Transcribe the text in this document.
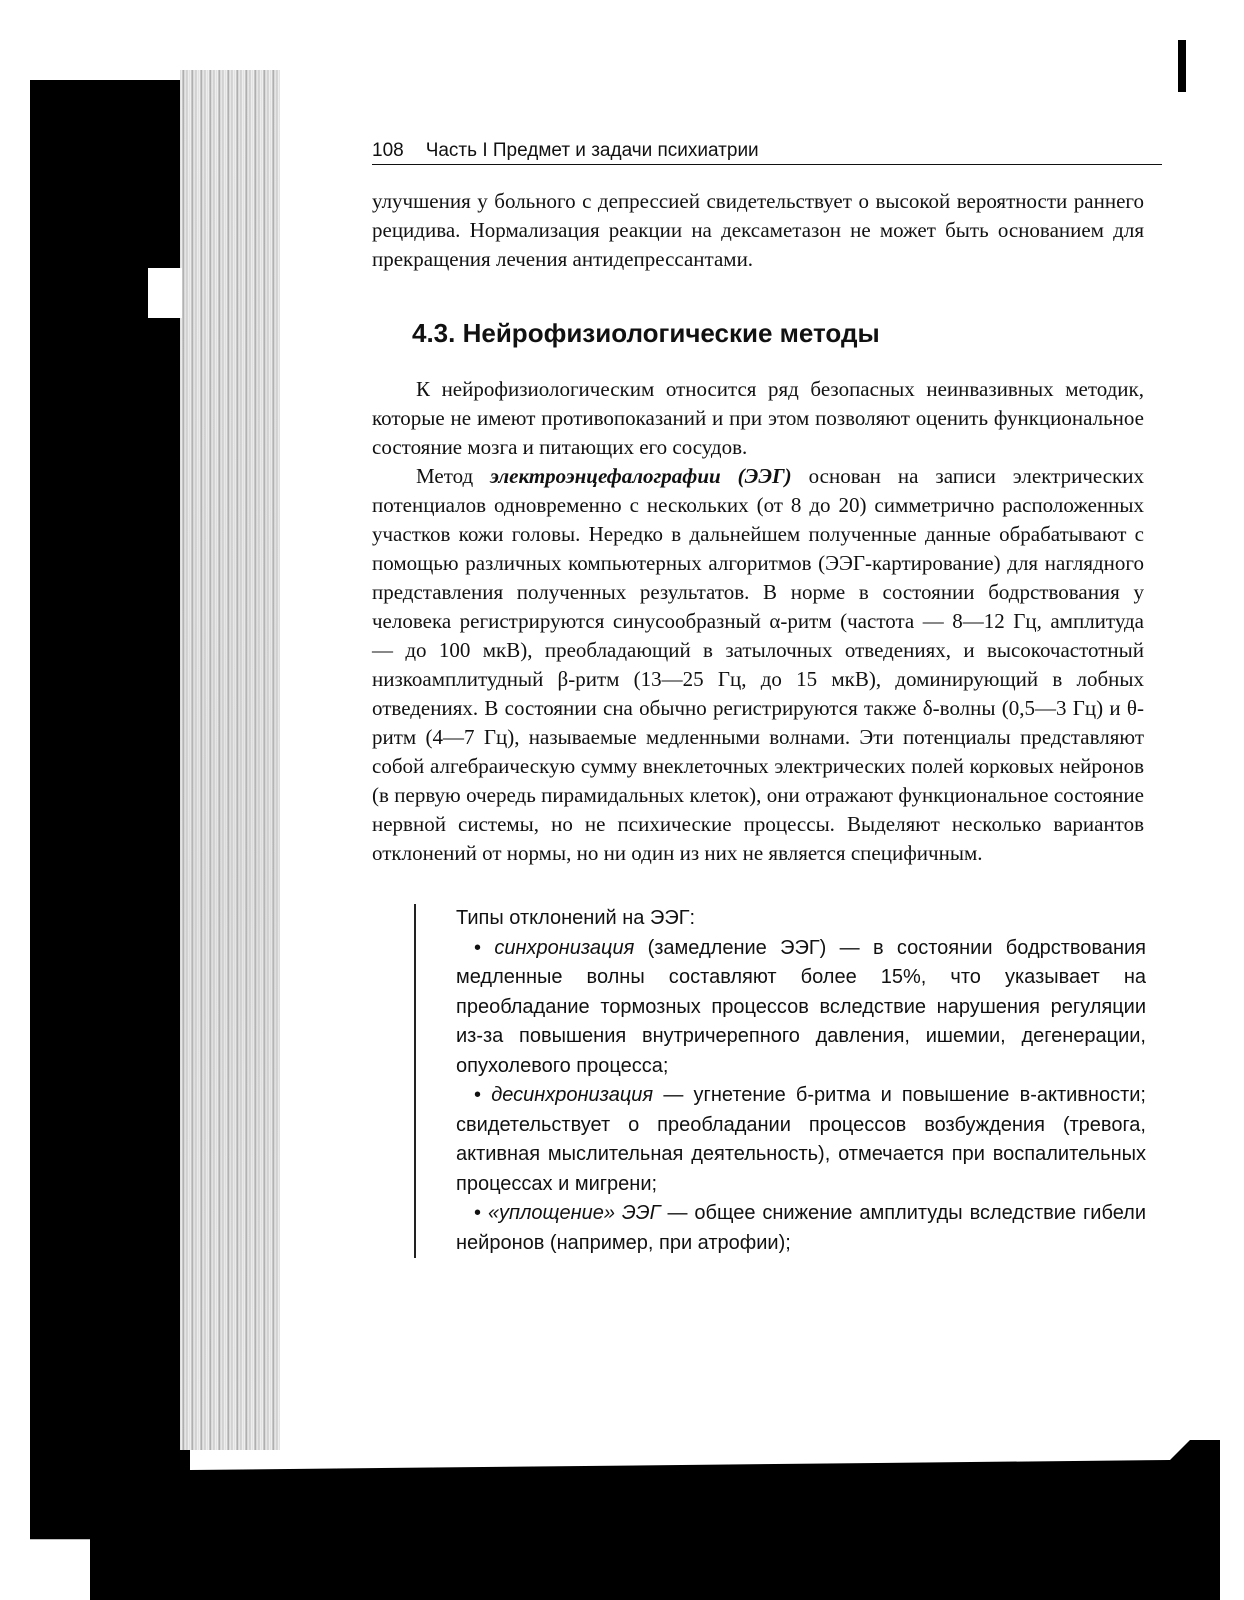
108 Часть I Предмет и задачи психиатрии

улучшения у больного с депрессией свидетельствует о высокой вероятности раннего рецидива. Нормализация реакции на дексаметазон не может быть основанием для прекращения лечения антидепрессантами.

4.3. Нейрофизиологические методы

К нейрофизиологическим относится ряд безопасных неинвазивных методик, которые не имеют противопоказаний и при этом позволяют оценить функциональное состояние мозга и питающих его сосудов.

Метод электроэнцефалографии (ЭЭГ) основан на записи электрических потенциалов одновременно с нескольких (от 8 до 20) симметрично расположенных участков кожи головы. Нередко в дальнейшем полученные данные обрабатывают с помощью различных компьютерных алгоритмов (ЭЭГ-картирование) для наглядного представления полученных результатов. В норме в состоянии бодрствования у человека регистрируются синусообразный α-ритм (частота — 8—12 Гц, амплитуда — до 100 мкВ), преобладающий в затылочных отведениях, и высокочастотный низкоамплитудный β-ритм (13—25 Гц, до 15 мкВ), доминирующий в лобных отведениях. В состоянии сна обычно регистрируются также δ-волны (0,5—3 Гц) и θ-ритм (4—7 Гц), называемые медленными волнами. Эти потенциалы представляют собой алгебраическую сумму внеклеточных электрических полей корковых нейронов (в первую очередь пирамидальных клеток), они отражают функциональное состояние нервной системы, но не психические процессы. Выделяют несколько вариантов отклонений от нормы, но ни один из них не является специфичным.

Типы отклонений на ЭЭГ:

• синхронизация (замедление ЭЭГ) — в состоянии бодрствования медленные волны составляют более 15%, что указывает на преобладание тормозных процессов вследствие нарушения регуляции из-за повышения внутричерепного давления, ишемии, дегенерации, опухолевого процесса;

• десинхронизация — угнетение б-ритма и повышение в-активности; свидетельствует о преобладании процессов возбуждения (тревога, активная мыслительная деятельность), отмечается при воспалительных процессах и мигрени;

• «уплощение» ЭЭГ — общее снижение амплитуды вследствие гибели нейронов (например, при атрофии);
